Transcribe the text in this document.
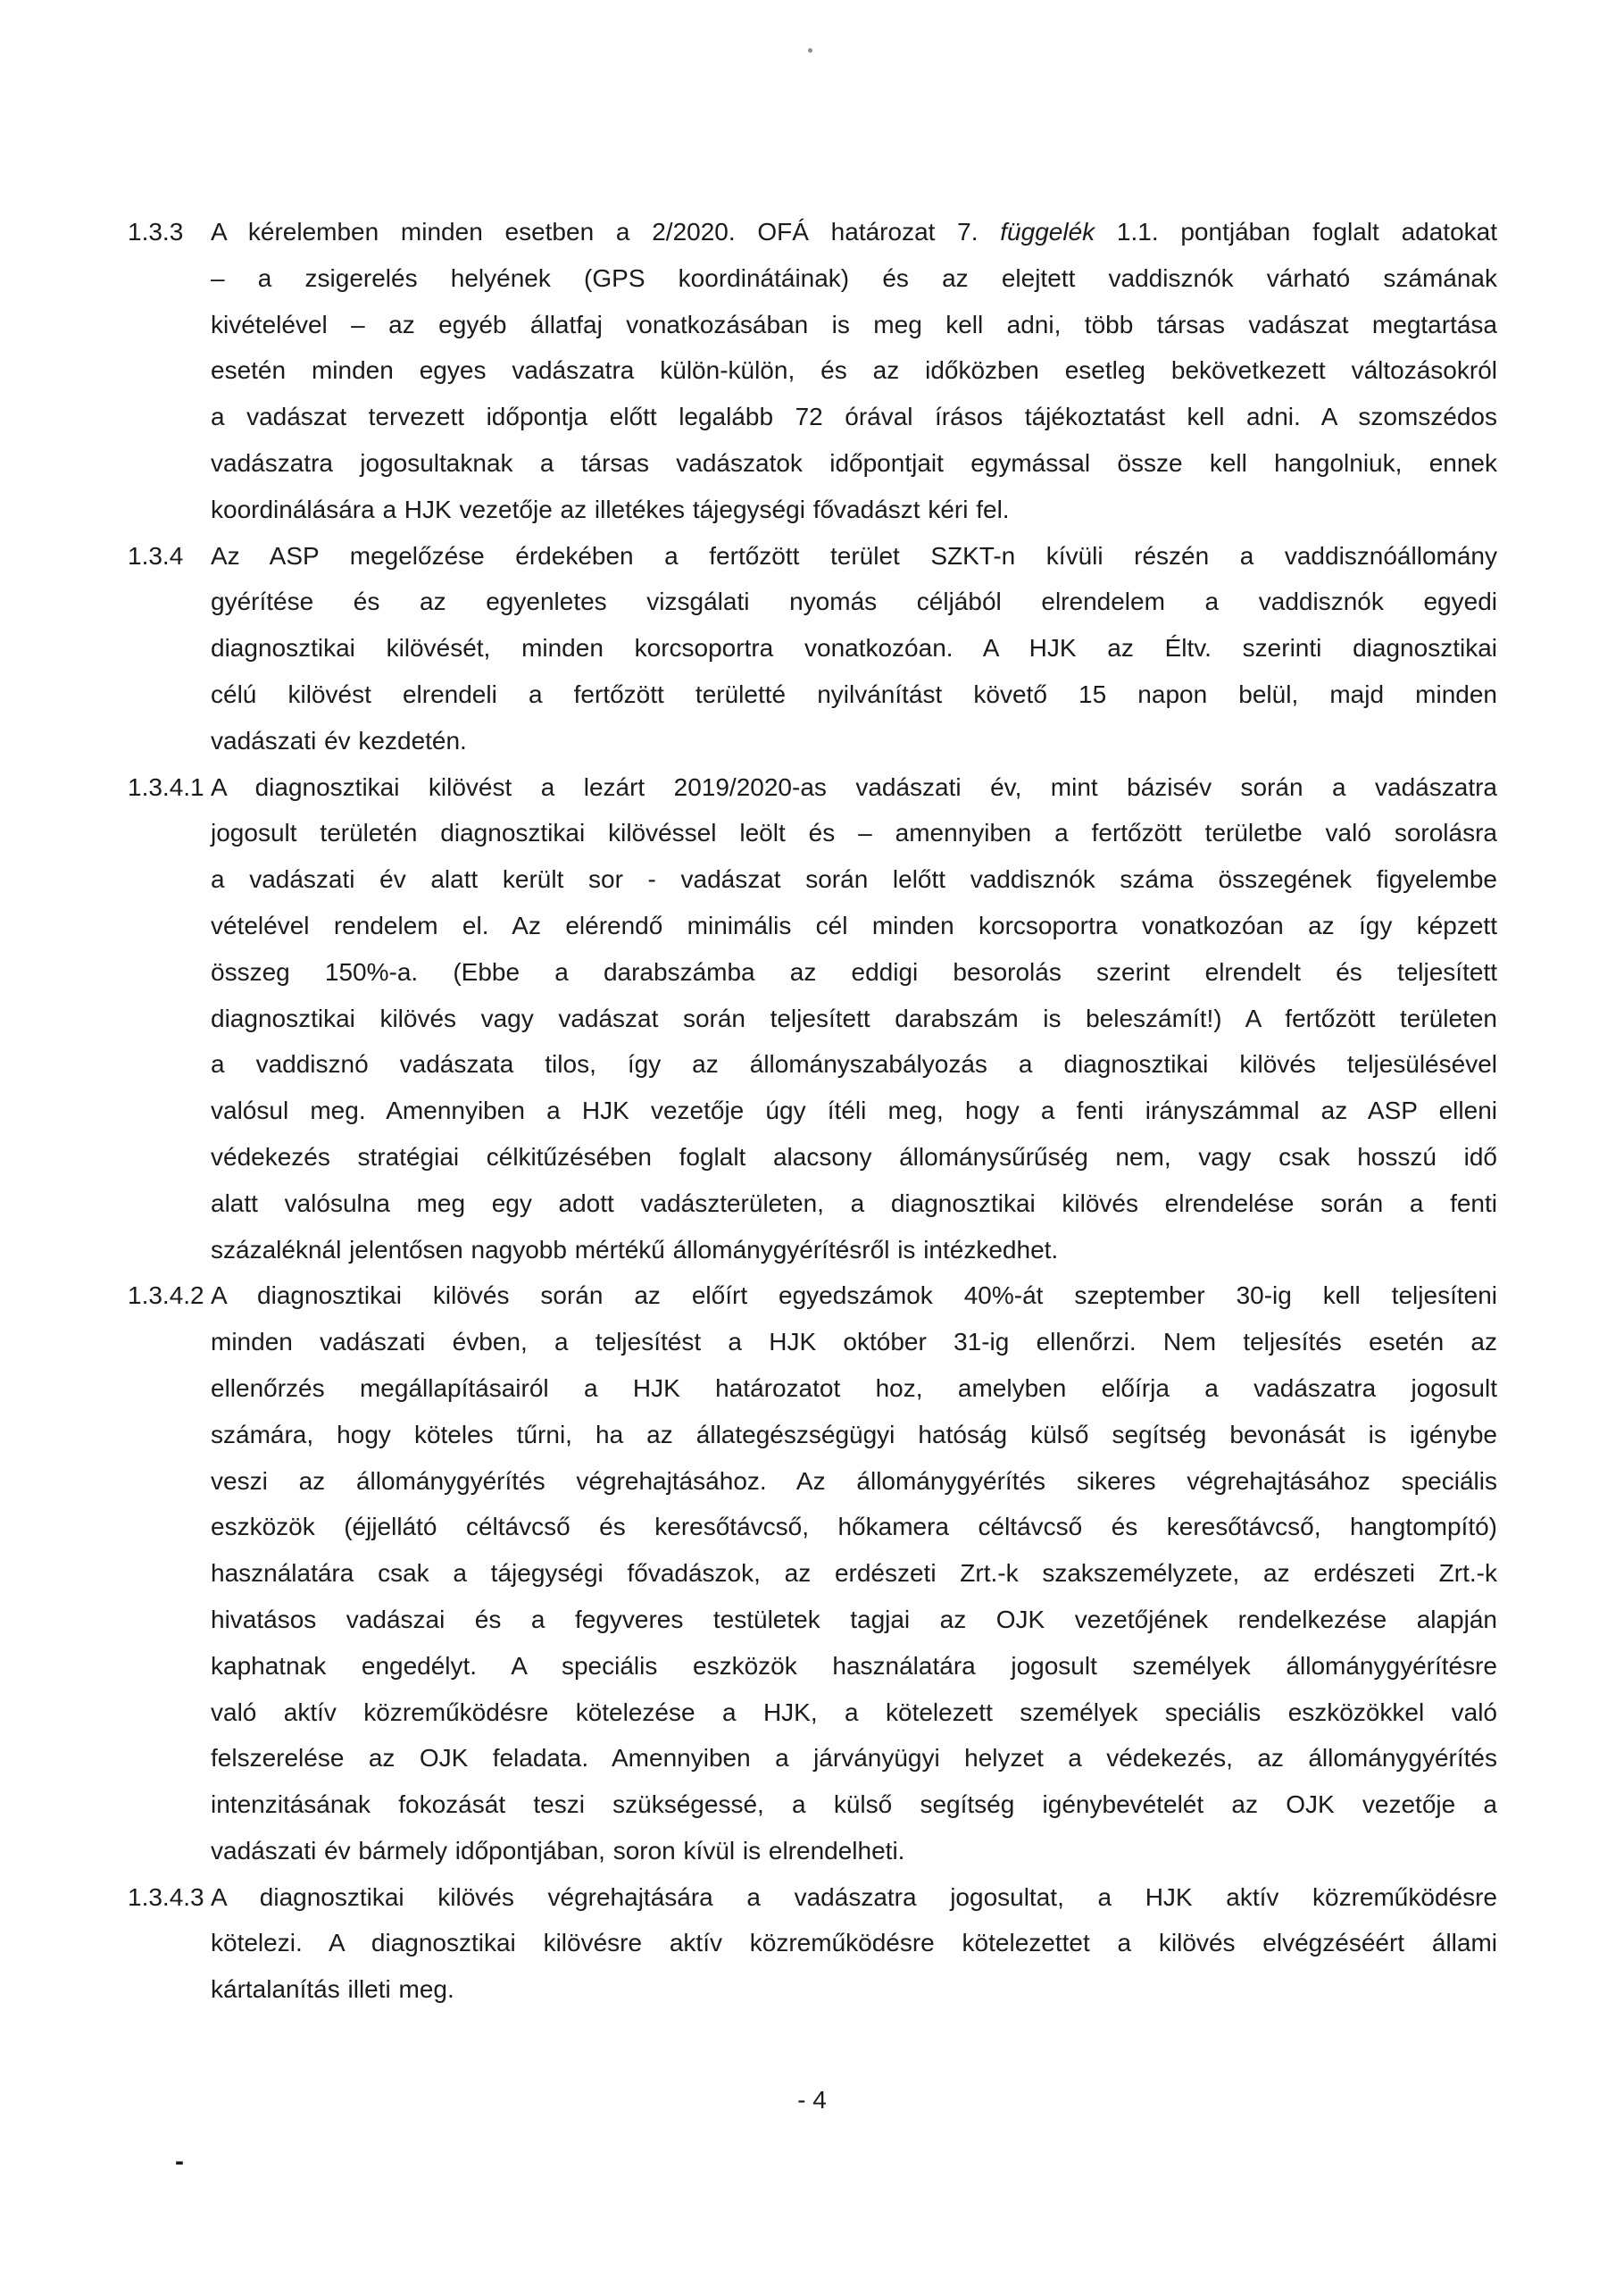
1.3.3	A kérelemben minden esetben a 2/2020. OFÁ határozat 7. függelék 1.1. pontjában foglalt adatokat
– a zsigerelés helyének (GPS koordinátáinak) és az elejtett vaddisznók várható számának
kivételével – az egyéb állatfaj vonatkozásában is meg kell adni, több társas vadászat megtartása
esetén minden egyes vadászatra külön-külön, és az időközben esetleg bekövetkezett változásokról
a vadászat tervezett időpontja előtt legalább 72 órával írásos tájékoztatást kell adni. A szomszédos
vadászatra jogosultaknak a társas vadászatok időpontjait egymással össze kell hangolniuk, ennek
koordinálására a HJK vezetője az illetékes tájegységi fővadászt kéri fel.
1.3.4	Az ASP megelőzése érdekében a fertőzött terület SZKT-n kívüli részén a vaddisznóállomány
gyérítése és az egyenletes vizsgálati nyomás céljából elrendelem a vaddisznók egyedi
diagnosztikai kilövését, minden korcsoportra vonatkozóan. A HJK az Éltv. szerinti diagnosztikai
célú kilövést elrendeli a fertőzött területté nyilvánítást követő 15 napon belül, majd minden
vadászati év kezdetén.
1.3.4.1 A diagnosztikai kilövést a lezárt 2019/2020-as vadászati év, mint bázisév során a vadászatra
jogosult területén diagnosztikai kilövéssel leölt és – amennyiben a fertőzött területbe való sorolásra
a vadászati év alatt került sor - vadászat során lelőtt vaddisznók száma összegének figyelembe
vételével rendelem el. Az elérendő minimális cél minden korcsoportra vonatkozóan az így képzett
összeg 150%-a. (Ebbe a darabszámba az eddigi besorolás szerint elrendelt és teljesített
diagnosztikai kilövés vagy vadászat során teljesített darabszám is beleszámít!) A fertőzött területen
a vaddisznó vadászata tilos, így az állományszabályozás a diagnosztikai kilövés teljesülésével
valósul meg. Amennyiben a HJK vezetője úgy ítéli meg, hogy a fenti irányszámmal az ASP elleni
védekezés stratégiai célkitűzésében foglalt alacsony állománysűrűség nem, vagy csak hosszú idő
alatt valósulna meg egy adott vadászterületen, a diagnosztikai kilövés elrendelése során a fenti
százaléknál jelentősen nagyobb mértékű állománygyérítésről is intézkedhet.
1.3.4.2 A diagnosztikai kilövés során az előírt egyedszámok 40%-át szeptember 30-ig kell teljesíteni
minden vadászati évben, a teljesítést a HJK október 31-ig ellenőrzi. Nem teljesítés esetén az
ellenőrzés megállapításairól a HJK határozatot hoz, amelyben előírja a vadászatra jogosult
számára, hogy köteles tűrni, ha az állategészségügyi hatóság külső segítség bevonását is igénybe
veszi az állománygyérítés végrehajtásához. Az állománygyérítés sikeres végrehajtásához speciális
eszközök (éjjellátó céltávcső és keresőtávcső, hőkamera céltávcső és keresőtávcső, hangtompító)
használatára csak a tájegységi fővadászok, az erdészeti Zrt.-k szakszemélyzete, az erdészeti Zrt.-k
hivatásos vadászai és a fegyveres testületek tagjai az OJK vezetőjének rendelkezése alapján
kaphatnak engedélyt. A speciális eszközök használatára jogosult személyek állománygyérítésre
való aktív közreműködésre kötelezése a HJK, a kötelezett személyek speciális eszközökkel való
felszerelése az OJK feladata. Amennyiben a járványügyi helyzet a védekezés, az állománygyérítés
intenzitásának fokozását teszi szükségessé, a külső segítség igénybevételét az OJK vezetője a
vadászati év bármely időpontjában, soron kívül is elrendelheti.
1.3.4.3 A diagnosztikai kilövés végrehajtására a vadászatra jogosultat, a HJK aktív közreműködésre
kötelezi. A diagnosztikai kilövésre aktív közreműködésre kötelezettet a kilövés elvégzéséért állami
kártalanítás illeti meg.
- 4
-
